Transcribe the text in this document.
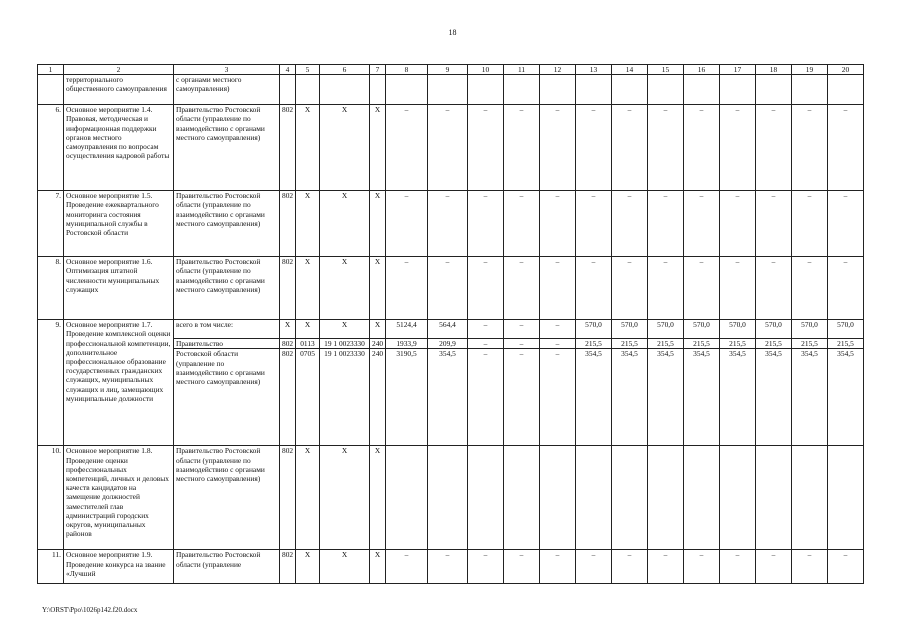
18
1	2	3	4	5	6	7	8	9	10	11	12	13	14	15	16	17	18	19	20
	территориального общественного самоуправления	с органами местного самоуправления)																	
6.	Основное мероприятие 1.4. Правовая, методическая и информационная поддержки органов местного самоуправления по вопросам осуществления кадровой работы	Правительство Ростовской области (управление по взаимодействию с органами местного самоуправления)	802	Х	Х	Х	–	–	–	–	–	–	–	–	–	–	–	–	–
7.	Основное мероприятие 1.5. Проведение ежеквартального мониторинга состояния муниципальной службы в Ростовской области	Правительство Ростовской области (управление по взаимодействию с органами местного самоуправления)	802	Х	Х	Х	–	–	–	–	–	–	–	–	–	–	–	–	–
8.	Основное мероприятие 1.6. Оптимизация штатной численности муниципальных служащих	Правительство Ростовской области (управление по взаимодействию с органами местного самоуправления)	802	Х	Х	Х	–	–	–	–	–	–	–	–	–	–	–	–	–
9.	Основное мероприятие 1.7. Проведение комплексной оценки профессиональной компетенции, дополнительное профессиональное образование государственных гражданских служащих, муниципальных служащих и лиц, замещающих муниципальные должности	всего в том числе:	Х	Х	Х	Х	5124,4	564,4	–	–	–	570,0	570,0	570,0	570,0	570,0	570,0	570,0	570,0
		Правительство	802	0113	19 1 0023330	240	1933,9	209,9	–	–	–	215,5	215,5	215,5	215,5	215,5	215,5	215,5	215,5
		Ростовской области (управление по взаимодействию с органами местного самоуправления)	802	0705	19 1 0023330	240	3190,5	354,5	–	–	–	354,5	354,5	354,5	354,5	354,5	354,5	354,5	354,5
10.	Основное мероприятие 1.8. Проведение оценки профессиональных компетенций, личных и деловых качеств кандидатов на замещение должностей заместителей глав администраций городских округов, муниципальных районов	Правительство Ростовской области (управление по взаимодействию с органами местного самоуправления)	802	Х	Х	Х													
11.	Основное мероприятие 1.9. Проведение конкурса на звание «Лучший	Правительство Ростовской области (управление	802	Х	Х	Х	–	–	–	–	–	–	–	–	–	–	–	–	–
Y:\ORST\Ppo\1026p142.f20.docx
